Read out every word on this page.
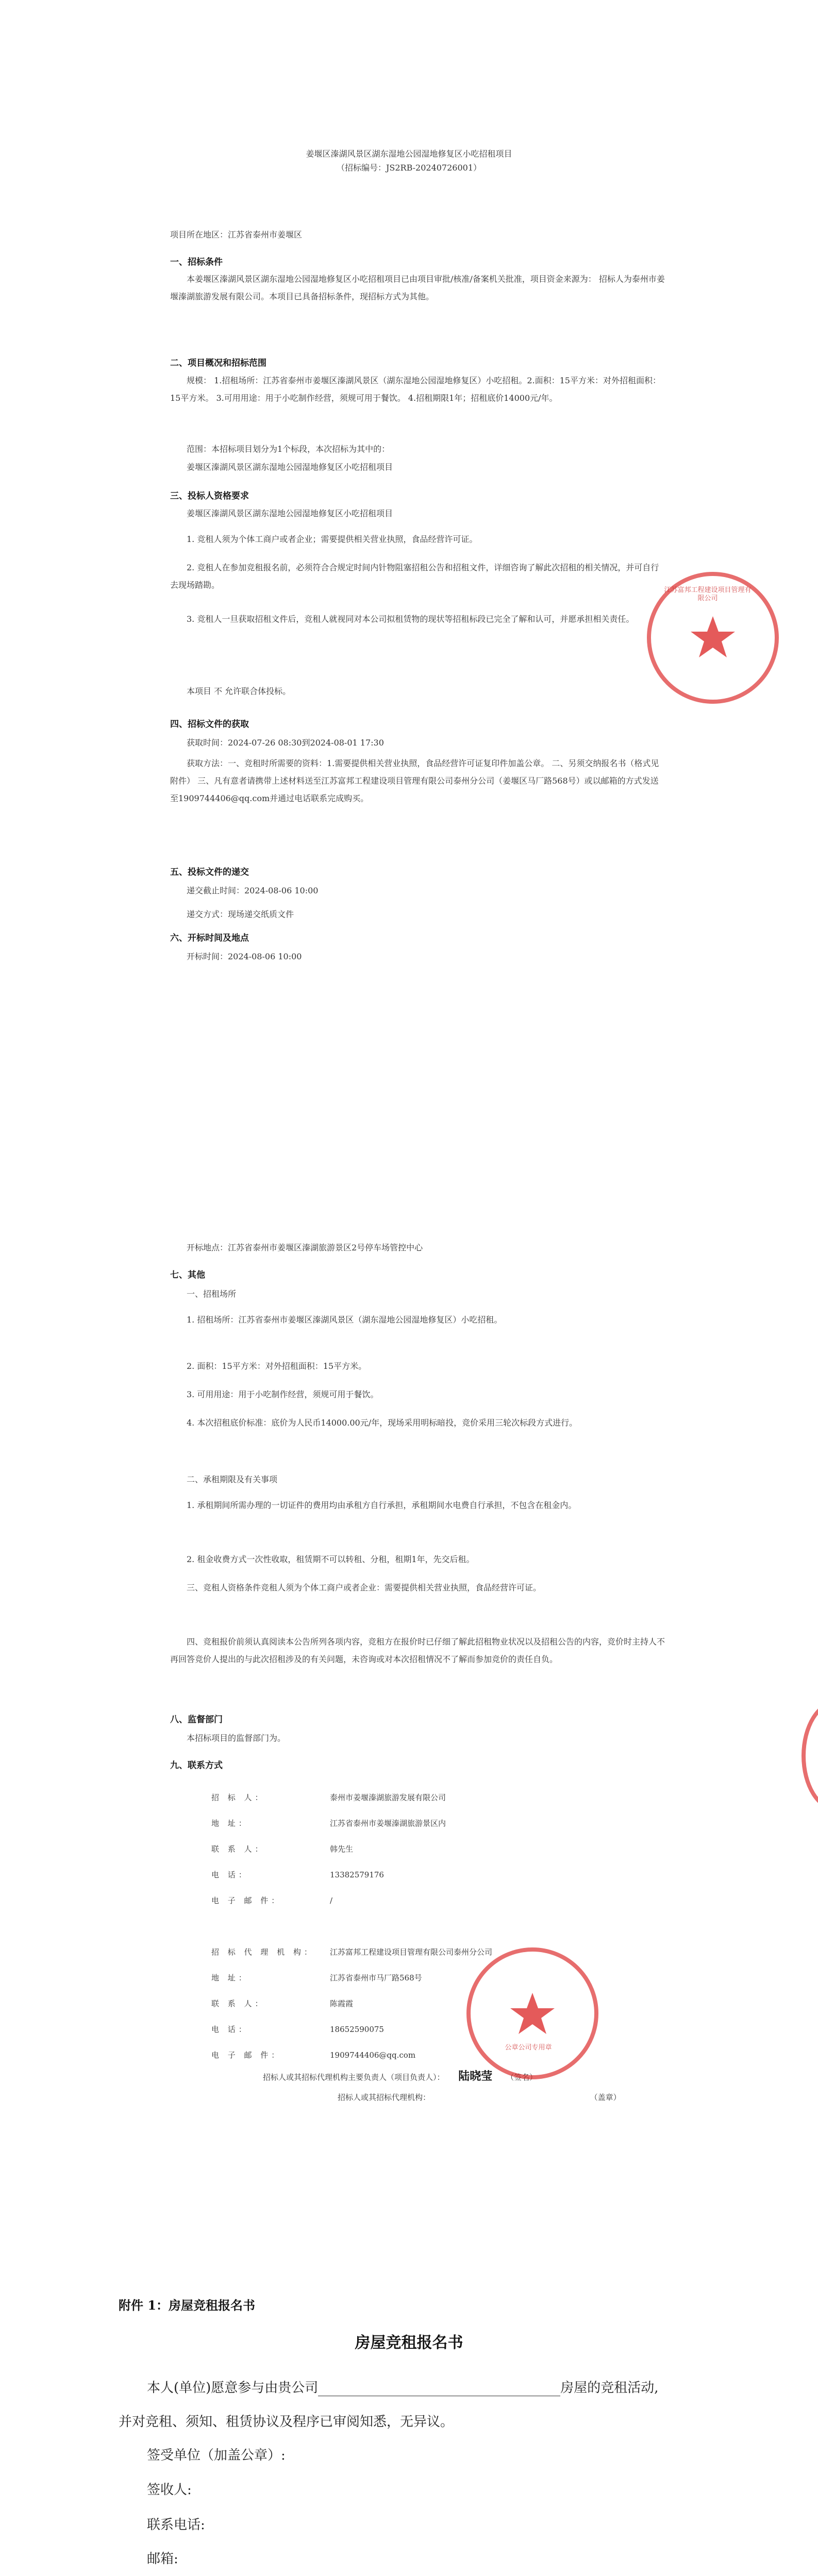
姜堰区溱湖风景区湖东湿地公园湿地修复区小吃招租项目
（招标编号：JS2RB-20240726001）
项目所在地区：江苏省泰州市姜堰区
一、招标条件
本姜堰区溱湖风景区湖东湿地公园湿地修复区小吃招租项目已由项目审批/核准/备案机关批准，项目资金来源为： 招标人为泰州市姜堰溱湖旅游发展有限公司。本项目已具备招标条件，现招标方式为其他。
二、项目概况和招标范围
规模： 1.招租场所：江苏省泰州市姜堰区溱湖风景区（湖东湿地公园湿地修复区）小吃招租。2.面积：15平方米：对外招租面积：15平方米。 3.可用用途：用于小吃制作经营，须规可用于餐饮。 4.招租期限1年；招租底价14000元/年。
范围：本招标项目划分为1个标段，本次招标为其中的：
姜堰区溱湖风景区湖东湿地公园湿地修复区小吃招租项目
三、投标人资格要求
姜堰区溱湖风景区湖东湿地公园湿地修复区小吃招租项目
1. 竞租人须为个体工商户或者企业；需要提供相关营业执照，食品经营许可证。
2. 竞租人在参加竞租报名前，必须符合合规定时间内针物阻塞招租公告和招租文件，详细咨询了解此次招租的相关情况，并可自行去现场踏勘。
3. 竞租人一旦获取招租文件后，竞租人就视同对本公司拟租赁物的现状等招租标段已完全了解和认可，并愿承担相关责任。
本项目 不 允许联合体投标。
四、招标文件的获取
获取时间：2024-07-26 08:30到2024-08-01 17:30
获取方法：一、竞租时所需要的资料：1.需要提供相关营业执照，食品经营许可证复印件加盖公章。 二、另须交纳报名书（格式见附件） 三、凡有意者请携带上述材料送至江苏富邦工程建设项目管理有限公司泰州分公司（姜堰区马厂路568号）或以邮箱的方式发送至1909744406@qq.com并通过电话联系完成购买。
五、投标文件的递交
递交截止时间：2024-08-06 10:00
递交方式：现场递交纸质文件
六、开标时间及地点
开标时间：2024-08-06 10:00
开标地点：江苏省泰州市姜堰区溱湖旅游景区2号停车场管控中心
七、其他
一、招租场所
1. 招租场所：江苏省泰州市姜堰区溱湖风景区（湖东湿地公园湿地修复区）小吃招租。
2. 面积：15平方米：对外招租面积：15平方米。
3. 可用用途：用于小吃制作经营，须规可用于餐饮。
4. 本次招租底价标准：底价为人民币14000.00元/年，现场采用明标暗投，竞价采用三轮次标段方式进行。
二、承租期限及有关事项
1. 承租期间所需办理的一切证件的费用均由承租方自行承担，承租期间水电费自行承担，不包含在租金内。
2. 租金收费方式一次性收取，租赁期不可以转租、分租，租期1年，先交后租。
三、竞租人资格条件竞租人须为个体工商户或者企业：需要提供相关营业执照，食品经营许可证。
四、竞租报价前须认真阅读本公告所列各项内容，竞租方在报价时已仔细了解此招租物业状况以及招租公告的内容，竞价时主持人不再回答竞价人提出的与此次招租涉及的有关问题，未咨询或对本次招租情况不了解而参加竞价的责任自负。
八、监督部门
本招标项目的监督部门为。
九、联系方式
招 标 人：	泰州市姜堰溱湖旅游发展有限公司
地 址：	江苏省泰州市姜堰溱湖旅游景区内
联 系 人：	韩先生
电 话：	13382579176
电 子 邮 件：	/
招 标 代 理 机 构： 江苏富邦工程建设项目管理有限公司泰州分公司
地 址：	江苏省泰州市马厂路568号
联 系 人：	陈霞霞
电 话：	18652590075
电 子 邮 件：	1909744406@qq.com
招标人或其招标代理机构主要负责人（项目负责人）： 陆晓莹 （签名）
招标人或其招标代理机构：	（盖章）
江苏富邦工程建设项目管理有限公司
公章公司专用章
附件 1：房屋竞租报名书
房屋竞租报名书
本人(单位)愿意参与由贵公司	房屋的竞租活动,
并对竞租、须知、租赁协议及程序已审阅知悉，无异议。
签受单位（加盖公章）:
签收人:
联系电话:
邮箱:
